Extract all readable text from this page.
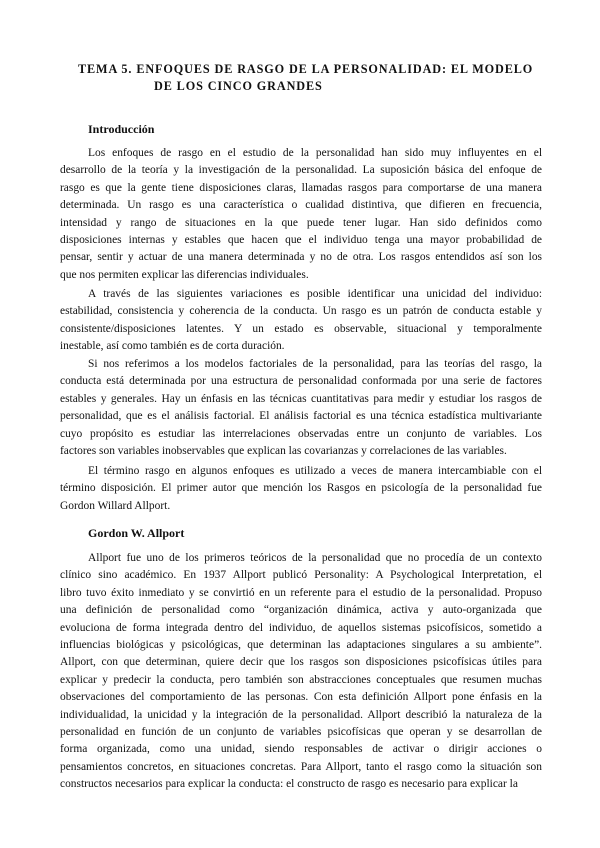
TEMA 5. ENFOQUES DE RASGO DE LA PERSONALIDAD: EL MODELO
DE LOS CINCO GRANDES
Introducción
Los enfoques de rasgo en el estudio de la personalidad han sido muy influyentes en el
desarrollo de la teoría y la investigación de la personalidad. La suposición básica del enfoque de
rasgo es que la gente tiene disposiciones claras, llamadas rasgos para comportarse de una manera
determinada. Un rasgo es una característica o cualidad distintiva, que difieren en frecuencia,
intensidad y rango de situaciones en la que puede tener lugar. Han sido definidos como
disposiciones internas y estables que hacen que el individuo tenga una mayor probabilidad de
pensar, sentir y actuar de una manera determinada y no de otra. Los rasgos entendidos así son los
que nos permiten explicar las diferencias individuales.
A través de las siguientes variaciones es posible identificar una unicidad del individuo:
estabilidad, consistencia y coherencia de la conducta. Un rasgo es un patrón de conducta estable y
consistente/disposiciones latentes. Y un estado es observable, situacional y temporalmente
inestable, así como también es de corta duración.
Si nos referimos a los modelos factoriales de la personalidad, para las teorías del rasgo, la
conducta está determinada por una estructura de personalidad conformada por una serie de factores
estables y generales. Hay un énfasis en las técnicas cuantitativas para medir y estudiar los rasgos de
personalidad, que es el análisis factorial. El análisis factorial es una técnica estadística multivariante
cuyo propósito es estudiar las interrelaciones observadas entre un conjunto de variables. Los
factores son variables inobservables que explican las covarianzas y correlaciones de las variables.
El término rasgo en algunos enfoques es utilizado a veces de manera intercambiable con el
término disposición. El primer autor que mención los Rasgos en psicología de la personalidad fue
Gordon Willard Allport.
Gordon W. Allport
Allport fue uno de los primeros teóricos de la personalidad que no procedía de un contexto
clínico sino académico. En 1937 Allport publicó Personality: A Psychological Interpretation, el
libro tuvo éxito inmediato y se convirtió en un referente para el estudio de la personalidad. Propuso
una definición de personalidad como “organización dinámica, activa y auto-organizada que
evoluciona de forma integrada dentro del individuo, de aquellos sistemas psicofísicos, sometido a
influencias biológicas y psicológicas, que determinan las adaptaciones singulares a su ambiente”.
Allport, con que determinan, quiere decir que los rasgos son disposiciones psicofísicas útiles para
explicar y predecir la conducta, pero también son abstracciones conceptuales que resumen muchas
observaciones del comportamiento de las personas. Con esta definición Allport pone énfasis en la
individualidad, la unicidad y la integración de la personalidad. Allport describió la naturaleza de la
personalidad en función de un conjunto de variables psicofísicas que operan y se desarrollan de
forma organizada, como una unidad, siendo responsables de activar o dirigir acciones o
pensamientos concretos, en situaciones concretas. Para Allport, tanto el rasgo como la situación son
constructos necesarios para explicar la conducta: el constructo de rasgo es necesario para explicar la
